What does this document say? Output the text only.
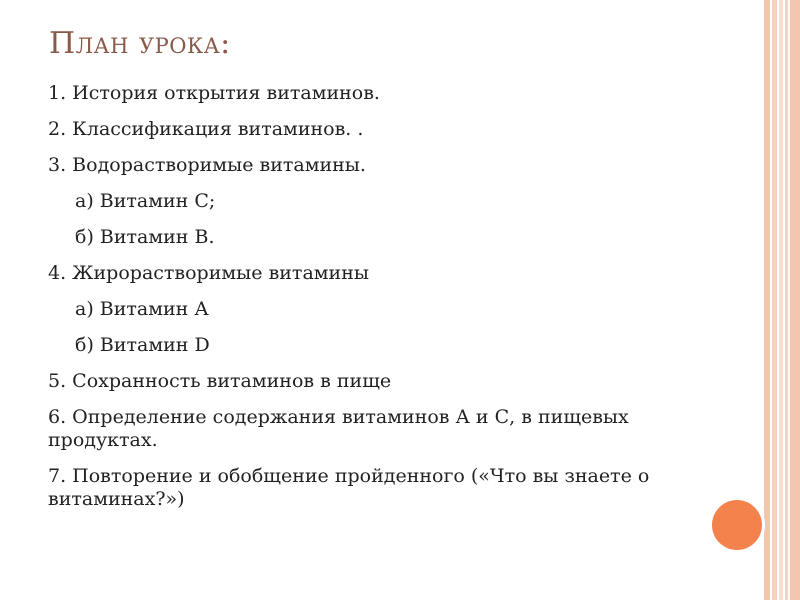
План урока:

1. История открытия витаминов.

2. Классификация витаминов. .

3. Водорастворимые витамины.

а) Витамин С;

б) Витамин В.

4. Жирорастворимые витамины

а) Витамин А

б) Витамин D

5. Сохранность витаминов в пище

6. Определение содержания витаминов А и С, в пищевых продуктах.

7. Повторение и обобщение пройденного («Что вы знаете о витаминах?»)
